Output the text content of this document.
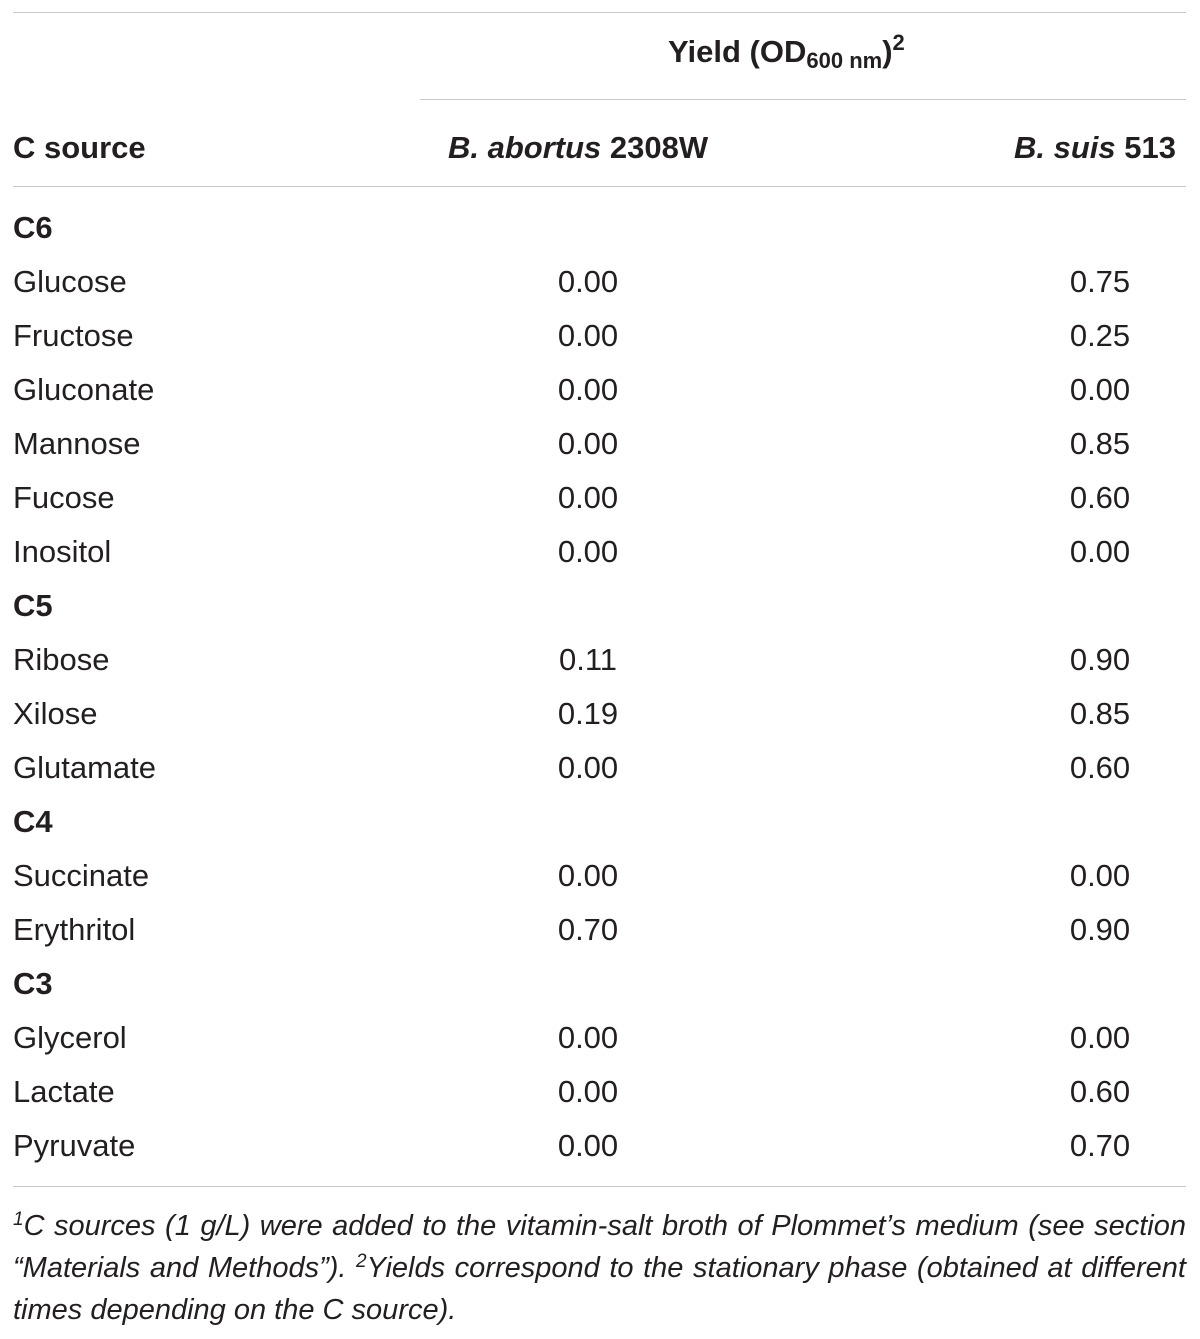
Yield $(OD_{600 nm})^2$
C source	B. abortus 2308W	B. suis 513
C6
Glucose	0.00	0.75
Fructose	0.00	0.25
Gluconate	0.00	0.00
Mannose	0.00	0.85
Fucose	0.00	0.60
Inositol	0.00	0.00
C5
Ribose	0.11	0.90
Xilose	0.19	0.85
Glutamate	0.00	0.60
C4
Succinate	0.00	0.00
Erythritol	0.70	0.90
C3
Glycerol	0.00	0.00
Lactate	0.00	0.60
Pyruvate	0.00	0.70
$^1$C sources (1 g/L) were added to the vitamin-salt broth of Plommet’s medium (see section “Materials and Methods”). $^2$Yields correspond to the stationary phase (obtained at different times depending on the C source).
